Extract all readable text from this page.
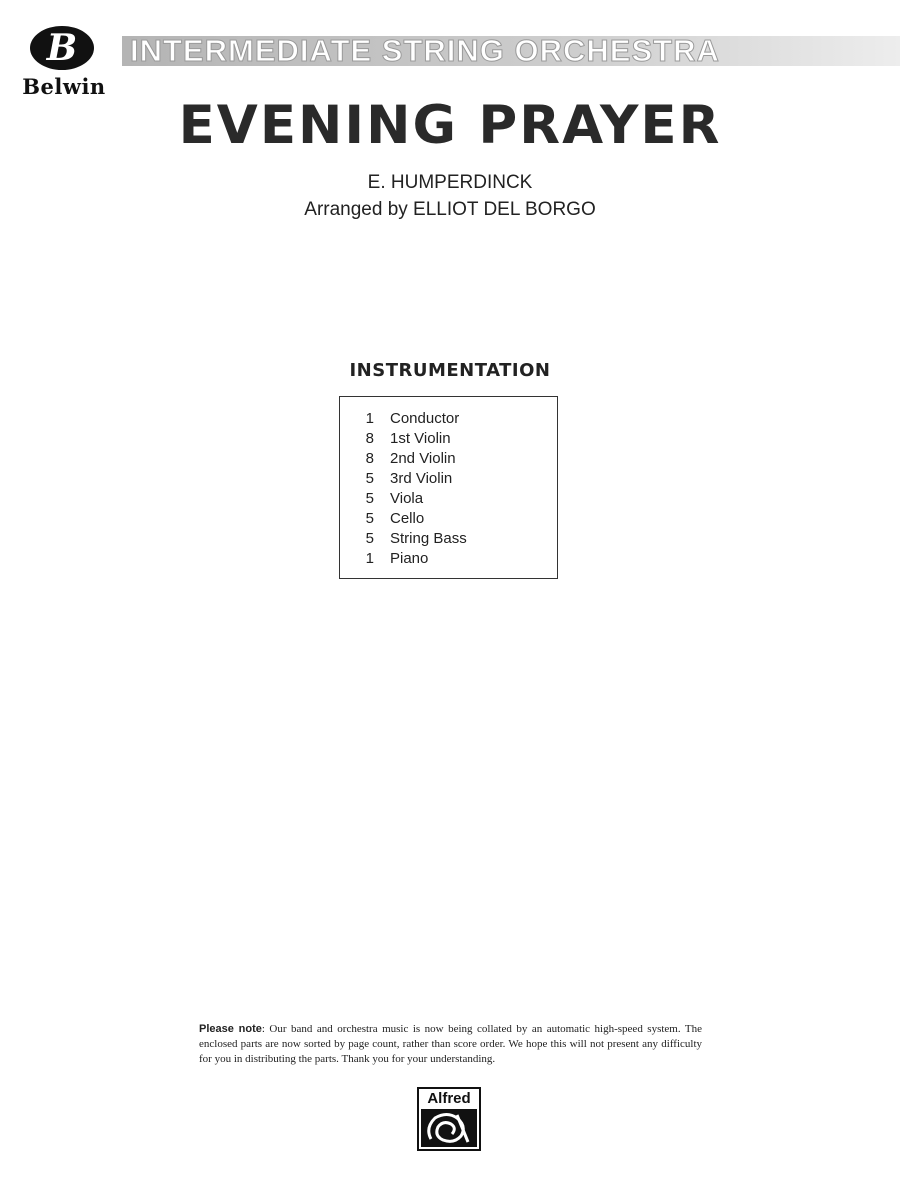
B
Belwin
INTERMEDIATE STRING ORCHESTRA
EVENING PRAYER
E. HUMPERDINCK
Arranged by ELLIOT DEL BORGO
INSTRUMENTATION
1	Conductor
8	1st Violin
8	2nd Violin
5	3rd Violin
5	Viola
5	Cello
5	String Bass
1	Piano
Please note: Our band and orchestra music is now being collated by an automatic high-speed system. The enclosed parts are now sorted by page count, rather than score order. We hope this will not present any difficulty for you in distributing the parts. Thank you for your understanding.
Alfred
